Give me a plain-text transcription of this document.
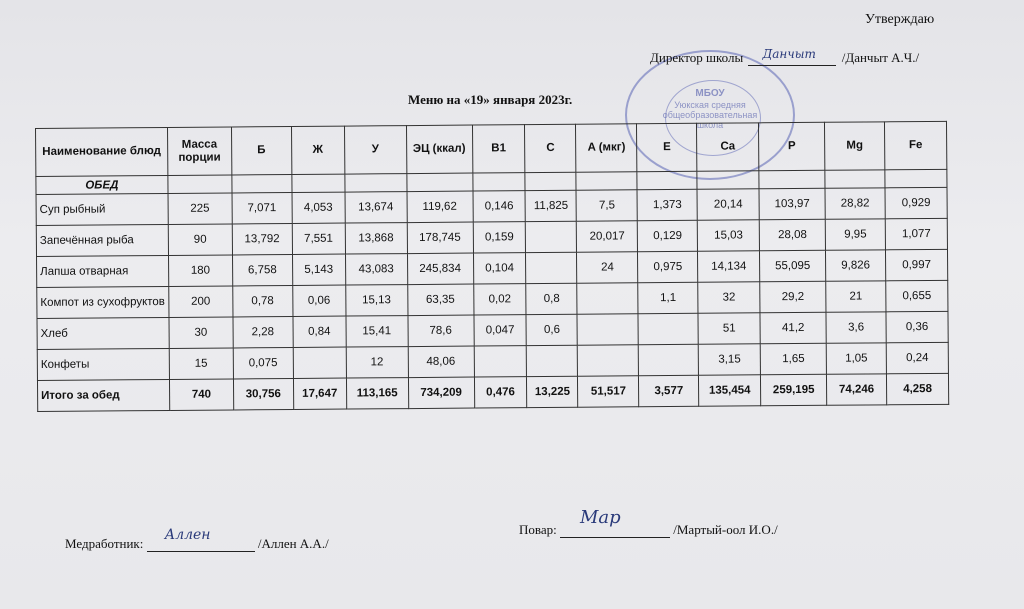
Утверждаю
МБОУ
Уюкская средняя
общеобразовательная
школа
Директор школы Данчыт /Данчыт А.Ч./
Меню на «19» января 2023г.
Наименование блюд	Масса порции	Б	Ж	У	ЭЦ (ккал)	B1	C	A (мкг)	E	Ca	P	Mg	Fe
ОБЕД													
Суп рыбный	225	7,071	4,053	13,674	119,62	0,146	11,825	7,5	1,373	20,14	103,97	28,82	0,929
Запечённая рыба	90	13,792	7,551	13,868	178,745	0,159		20,017	0,129	15,03	28,08	9,95	1,077
Лапша отварная	180	6,758	5,143	43,083	245,834	0,104		24	0,975	14,134	55,095	9,826	0,997
Компот из сухофруктов	200	0,78	0,06	15,13	63,35	0,02	0,8		1,1	32	29,2	21	0,655
Хлеб	30	2,28	0,84	15,41	78,6	0,047	0,6			51	41,2	3,6	0,36
Конфеты	15	0,075		12	48,06					3,15	1,65	1,05	0,24
Итого за обед	740	30,756	17,647	113,165	734,209	0,476	13,225	51,517	3,577	135,454	259,195	74,246	4,258
Медработник:
Аллен
/Аллен А.А./
Повар:
Мар
/Мартый-оол И.О./
